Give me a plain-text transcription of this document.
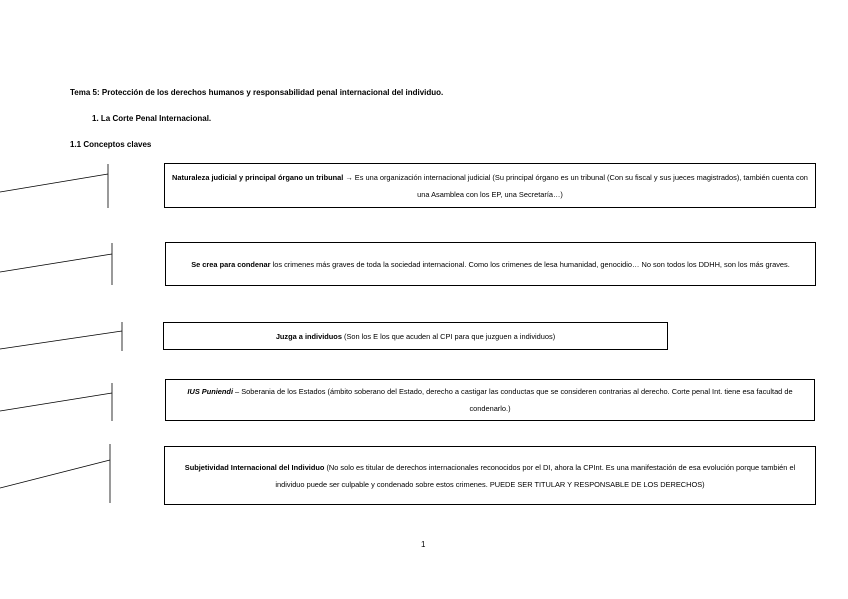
Tema 5: Protección de los derechos humanos y responsabilidad penal internacional del individuo.
1. La Corte Penal Internacional.
1.1 Conceptos claves
Naturaleza judicial y principal órgano un tribunal → Es una organización internacional judicial (Su principal órgano es un tribunal (Con su fiscal y sus jueces magistrados), también cuenta con una Asamblea con los EP, una Secretaría…)
Se crea para condenar los crimenes más graves de toda la sociedad internacional. Como los crimenes de lesa humanidad, genocidio… No son todos los DDHH, son los más graves.
Juzga a individuos (Son los E los que acuden al CPI para que juzguen a individuos)
IUS Puniendi – Soberania de los Estados (ámbito soberano del Estado, derecho a castigar las conductas que se consideren contrarias al derecho. Corte penal Int. tiene esa facultad de condenarlo.)
Subjetividad Internacional del Individuo (No solo es titular de derechos internacionales reconocidos por el DI, ahora la CPInt. Es una manifestación de esa evolución porque también el individuo puede ser culpable y condenado sobre estos crimenes. PUEDE SER TITULAR Y RESPONSABLE DE LOS DERECHOS)
1
